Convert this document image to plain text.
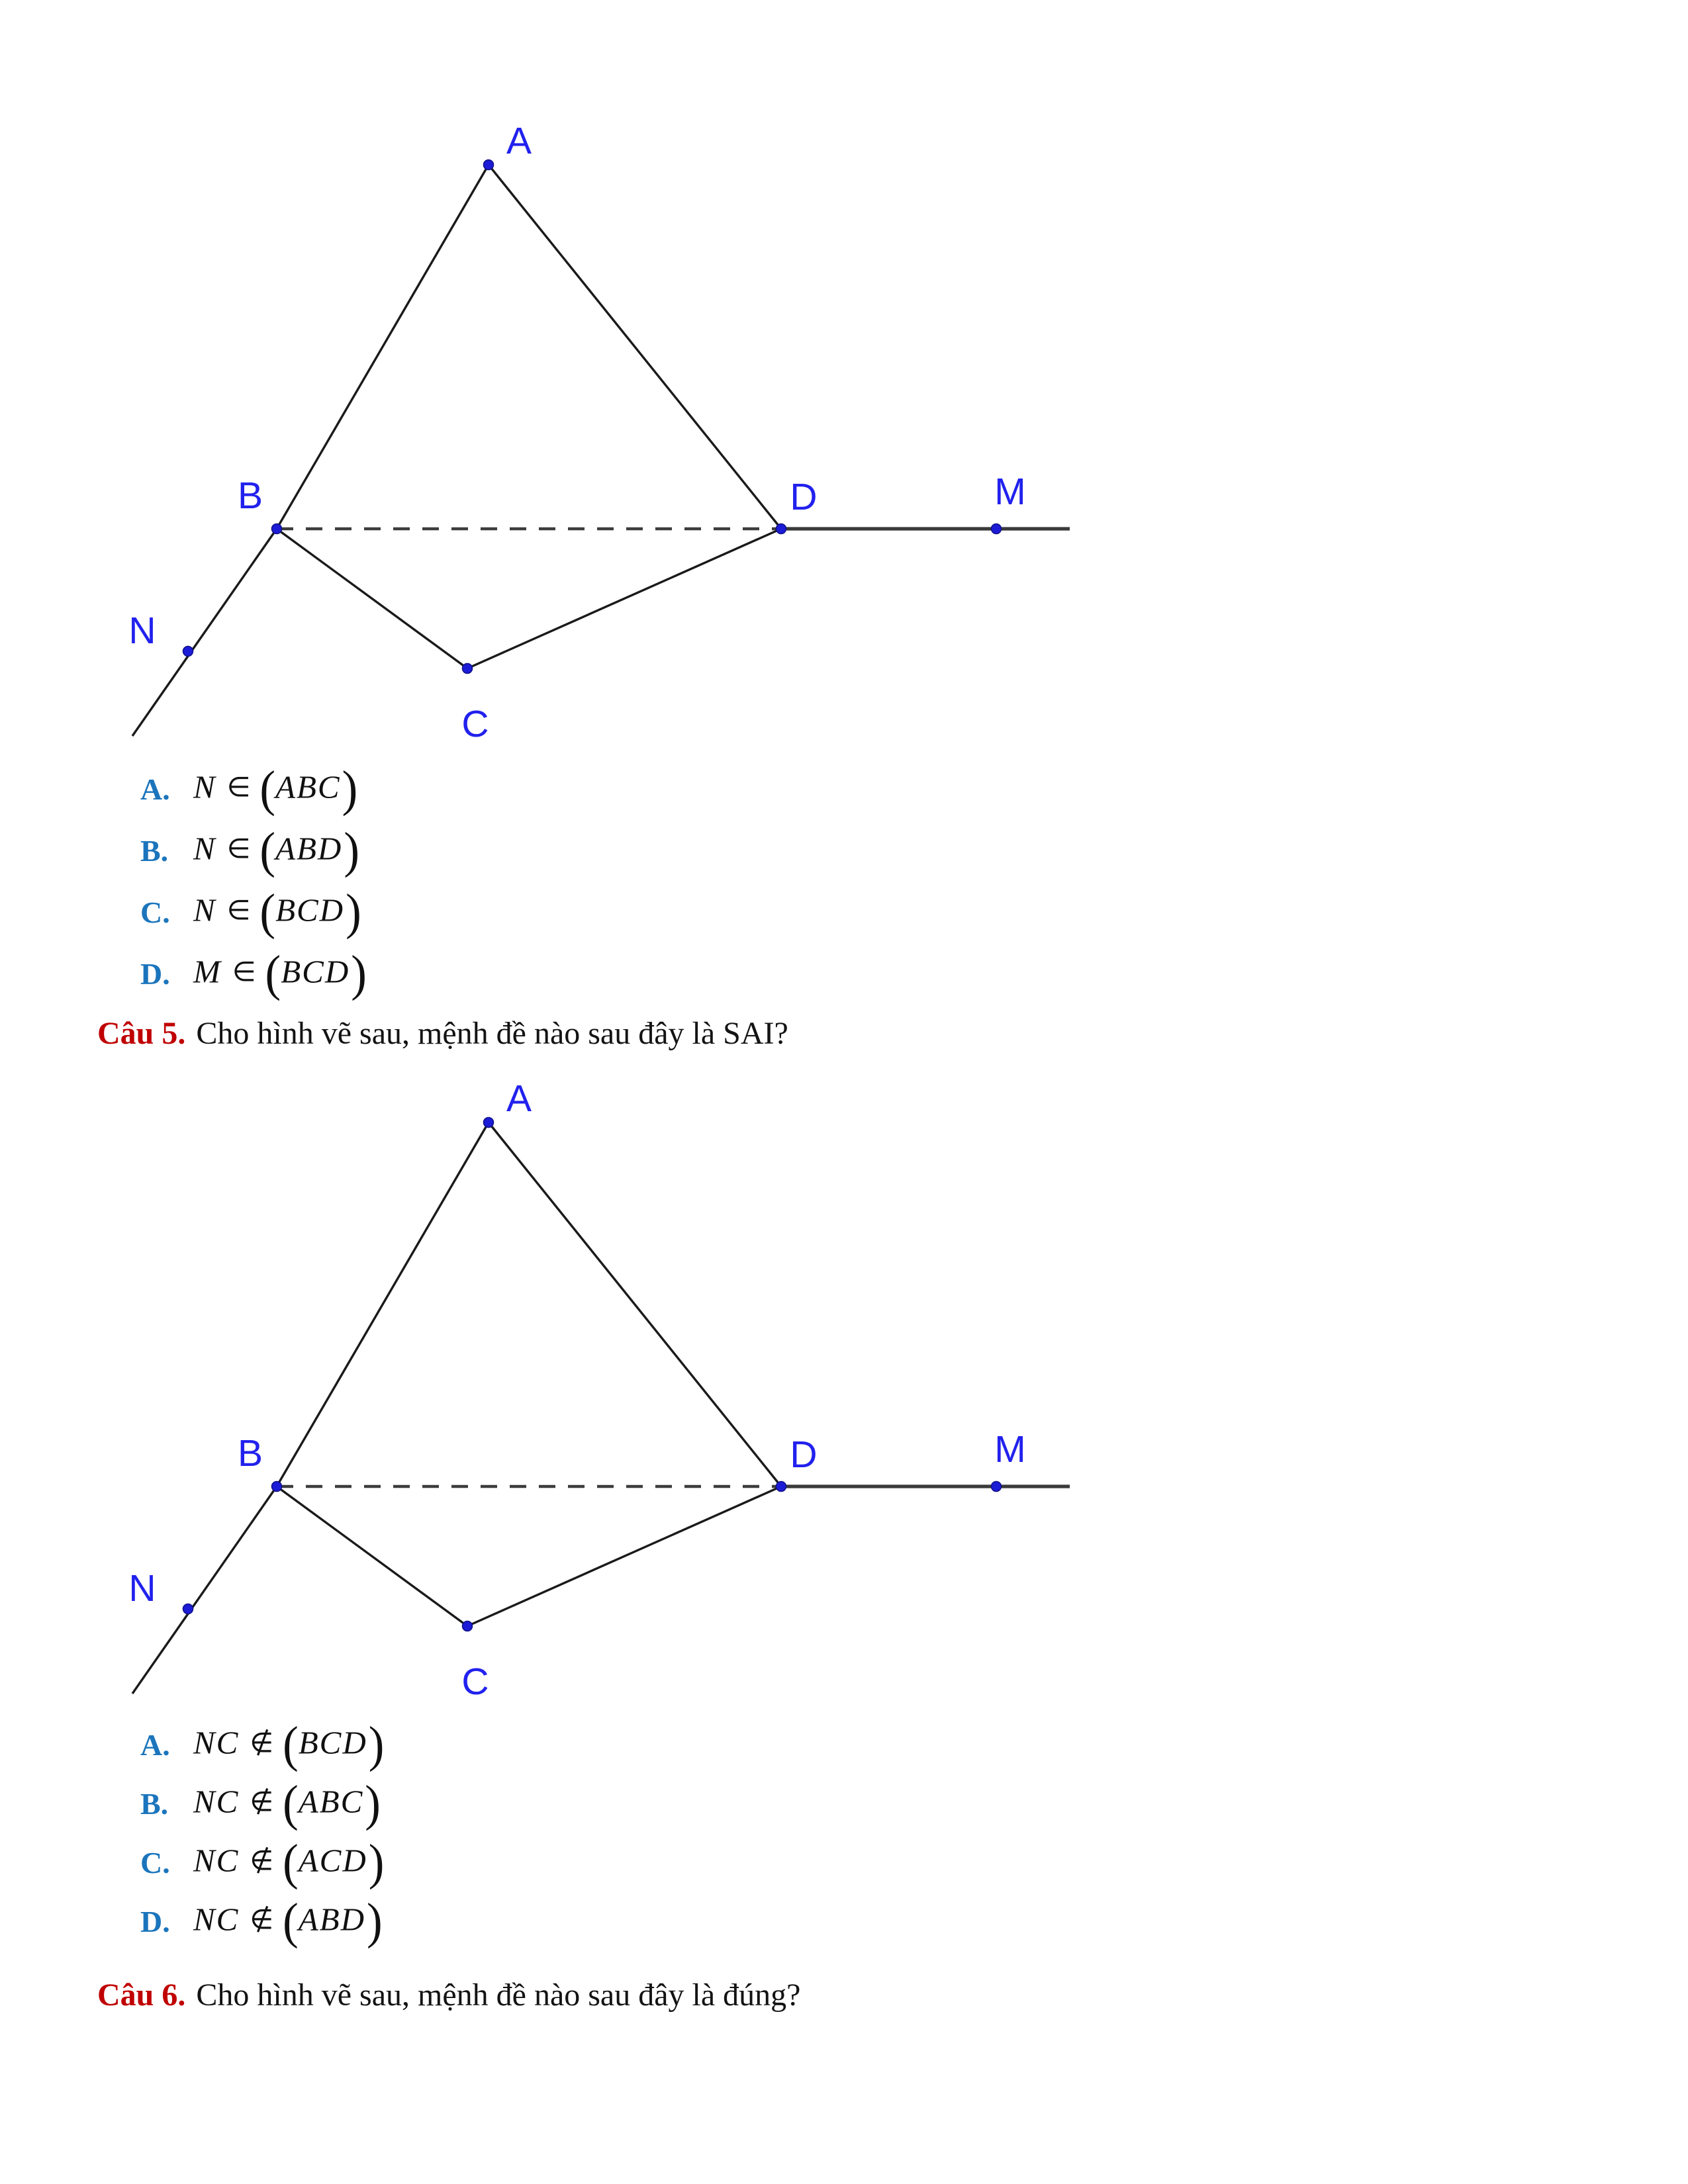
A
B
C
D	M
N
A. N ∈ (ABC)
B. N ∈ (ABD)
C. N ∈ (BCD)
D. M ∈ (BCD)
Câu 5. Cho hình vẽ sau, mệnh đề nào sau đây là SAI?
A
B
C
D	M
N
A. NC ∉ (BCD)
B. NC ∉ (ABC)
C. NC ∉ (ACD)
D. NC ∉ (ABD)
Câu 6. Cho hình vẽ sau, mệnh đề nào sau đây là đúng?
